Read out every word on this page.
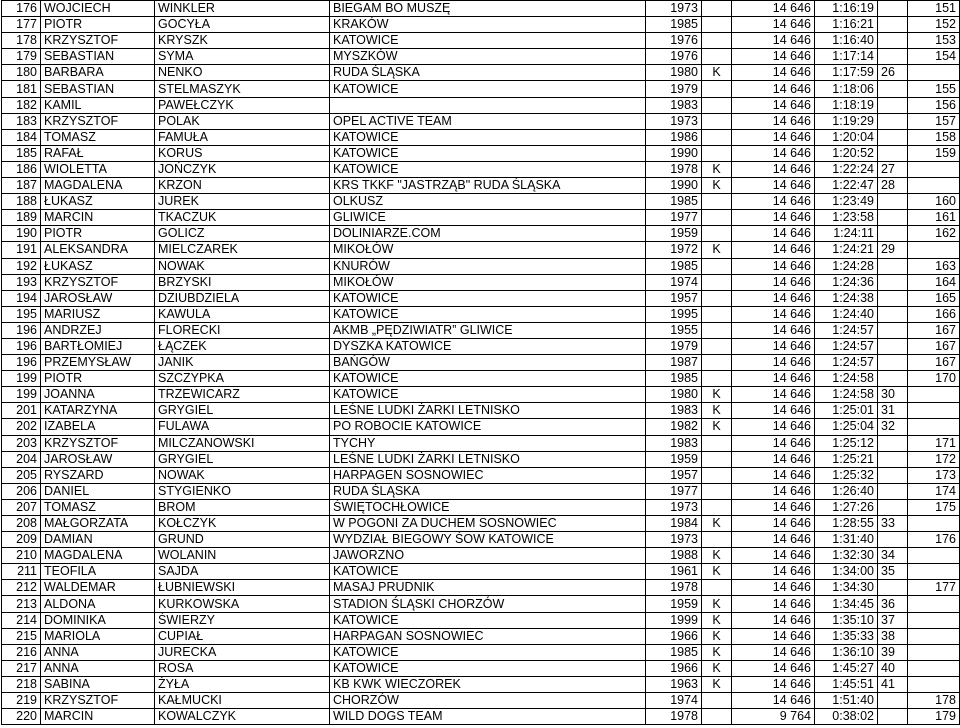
176	WOJCIECH	WINKLER	BIEGAM BO MUSZĘ	1973		14 646	1:16:19		151
177	PIOTR	GOCYŁA	KRAKÓW	1985		14 646	1:16:21		152
178	KRZYSZTOF	KRYSZK	KATOWICE	1976		14 646	1:16:40		153
179	SEBASTIAN	SYMA	MYSZKÓW	1976		14 646	1:17:14		154
180	BARBARA	NENKO	RUDA ŚLĄSKA	1980	K	14 646	1:17:59	26	
181	SEBASTIAN	STELMASZYK	KATOWICE	1979		14 646	1:18:06		155
182	KAMIL	PAWEŁCZYK		1983		14 646	1:18:19		156
183	KRZYSZTOF	POLAK	OPEL ACTIVE TEAM	1973		14 646	1:19:29		157
184	TOMASZ	FAMUŁA	KATOWICE	1986		14 646	1:20:04		158
185	RAFAŁ	KORUS	KATOWICE	1990		14 646	1:20:52		159
186	WIOLETTA	JOŃCZYK	KATOWICE	1978	K	14 646	1:22:24	27	
187	MAGDALENA	KRZON	KRS TKKF "JASTRZĄB" RUDA ŚLĄSKA	1990	K	14 646	1:22:47	28	
188	ŁUKASZ	JUREK	OLKUSZ	1985		14 646	1:23:49		160
189	MARCIN	TKACZUK	GLIWICE	1977		14 646	1:23:58		161
190	PIOTR	GOLICZ	DOLINIARZE.COM	1959		14 646	1:24:11		162
191	ALEKSANDRA	MIELCZAREK	MIKOŁÓW	1972	K	14 646	1:24:21	29	
192	ŁUKASZ	NOWAK	KNURÓW	1985		14 646	1:24:28		163
193	KRZYSZTOF	BRZYSKI	MIKOŁÓW	1974		14 646	1:24:36		164
194	JAROSŁAW	DZIUBDZIELA	KATOWICE	1957		14 646	1:24:38		165
195	MARIUSZ	KAWULA	KATOWICE	1995		14 646	1:24:40		166
196	ANDRZEJ	FLORECKI	AKMB „PĘDZIWIATR” GLIWICE	1955		14 646	1:24:57		167
196	BARTŁOMIEJ	ŁĄCZEK	DYSZKA KATOWICE	1979		14 646	1:24:57		167
196	PRZEMYSŁAW	JANIK	BAŃGÓW	1987		14 646	1:24:57		167
199	PIOTR	SZCZYPKA	KATOWICE	1985		14 646	1:24:58		170
199	JOANNA	TRZEWICARZ	KATOWICE	1980	K	14 646	1:24:58	30	
201	KATARZYNA	GRYGIEL	LEŚNE LUDKI ŻARKI LETNISKO	1983	K	14 646	1:25:01	31	
202	IZABELA	FULAWA	PO ROBOCIE KATOWICE	1982	K	14 646	1:25:04	32	
203	KRZYSZTOF	MILCZANOWSKI	TYCHY	1983		14 646	1:25:12		171
204	JAROSŁAW	GRYGIEL	LEŚNE LUDKI ŻARKI LETNISKO	1959		14 646	1:25:21		172
205	RYSZARD	NOWAK	HARPAGEN SOSNOWIEC	1957		14 646	1:25:32		173
206	DANIEL	STYGIENKO	RUDA ŚLĄSKA	1977		14 646	1:26:40		174
207	TOMASZ	BROM	ŚWIĘTOCHŁOWICE	1973		14 646	1:27:26		175
208	MAŁGORZATA	KOŁCZYK	W POGONI ZA DUCHEM SOSNOWIEC	1984	K	14 646	1:28:55	33	
209	DAMIAN	GRUND	WYDZIAŁ BIEGOWY ŚOW KATOWICE	1973		14 646	1:31:40		176
210	MAGDALENA	WOLANIN	JAWORZNO	1988	K	14 646	1:32:30	34	
211	TEOFILA	SAJDA	KATOWICE	1961	K	14 646	1:34:00	35	
212	WALDEMAR	ŁUBNIEWSKI	MASAJ PRUDNIK	1978		14 646	1:34:30		177
213	ALDONA	KURKOWSKA	STADION ŚLĄSKI CHORZÓW	1959	K	14 646	1:34:45	36	
214	DOMINIKA	ŚWIERZY	KATOWICE	1999	K	14 646	1:35:10	37	
215	MARIOLA	CUPIAŁ	HARPAGAN SOSNOWIEC	1966	K	14 646	1:35:33	38	
216	ANNA	JURECKA	KATOWICE	1985	K	14 646	1:36:10	39	
217	ANNA	ROSA	KATOWICE	1966	K	14 646	1:45:27	40	
218	SABINA	ŻYŁA	KB KWK WIECZOREK	1963	K	14 646	1:45:51	41	
219	KRZYSZTOF	KAŁMUCKI	CHORZÓW	1974		14 646	1:51:40		178
220	MARCIN	KOWALCZYK	WILD DOGS TEAM	1978		9 764	0:38:02		179
